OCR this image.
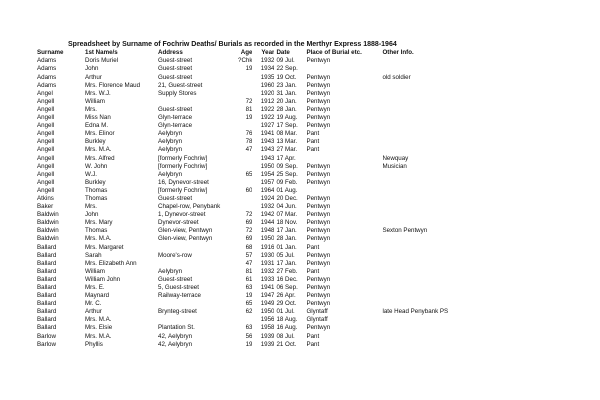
Spreadsheet by Surname of Fochriw Deaths/ Burials as recorded in the Merthyr Express 1888-1964
Surname	1st Name/s	Address	Age	Year	Date	Place of Burial etc.	Other Info.
Adams	Doris Muriel	Guest-street	?Chk	1932	09 Jul.	Pentwyn	
Adams	John	Guest-street	19	1934	22 Sep.		
Adams	Arthur	Guest-street		1935	19 Oct.	Pentwyn	old soldier
Adams	Mrs. Florence Maud	21, Guest-street		1960	23 Jan.	Pentwyn	
Angel	Mrs. W.J.	Supply Stores		1920	31 Jan.	Pentwyn	
Angell	William		72	1912	20 Jan.	Pentwyn	
Angell	Mrs.	Guest-street	81	1922	28 Jan.	Pentwyn	
Angell	Miss Nan	Glyn-terrace	19	1922	19 Aug.	Pentwyn	
Angell	Edna M.	Glyn-terrace		1927	17 Sep.	Pentwyn	
Angell	Mrs. Elinor	Aelybryn	76	1941	08 Mar.	Pant	
Angell	Burkley	Aelybryn	78	1943	13 Mar.	Pant	
Angell	Mrs. M.A.	Aelybryn	47	1943	27 Mar.	Pant	
Angell	Mrs. Alfred	[formerly Fochriw]		1943	17 Apr.		Newquay
Angell	W. John	[formerly Fochriw]		1950	09 Sep.	Pentwyn	Musician
Angell	W.J.	Aelybryn	65	1954	25 Sep.	Pentwyn	
Angell	Burkley	16, Dynevor-street		1957	09 Feb.	Pentwyn	
Angell	Thomas	[formerly Fochriw]	60	1964	01 Aug.		
Atkins	Thomas	Guest-street		1924	20 Dec.	Pentwyn	
Baker	Mrs.	Chapel-row, Penybank		1932	04 Jun.	Pentwyn	
Baldwin	John	1, Dynevor-street	72	1942	07 Mar.	Pentwyn	
Baldwin	Mrs. Mary	Dynevor-street	69	1944	18 Nov.	Pentwyn	
Baldwin	Thomas	Glen-view, Pentwyn	72	1948	17 Jan.	Pentwyn	Sexton Pentwyn
Baldwin	Mrs. M.A.	Glen-view, Pentwyn	69	1950	28 Jan.	Pentwyn	
Ballard	Mrs. Margaret		68	1916	01 Jan.	Pant	
Ballard	Sarah	Moore's-row	57	1930	05 Jul.	Pentwyn	
Ballard	Mrs. Elizabeth Ann		47	1931	17 Jan.	Pentwyn	
Ballard	William	Aelybryn	81	1932	27 Feb.	Pant	
Ballard	William John	Guest-street	61	1933	16 Dec.	Pentwyn	
Ballard	Mrs. E.	5, Guest-street	63	1941	06 Sep.	Pentwyn	
Ballard	Maynard	Railway-terrace	19	1947	26 Apr.	Pentwyn	
Ballard	Mr. C.		65	1949	29 Oct.	Pentwyn	
Ballard	Arthur	Brynteg-street	62	1950	01 Jul.	Glyntaff	late Head Penybank PS
Ballard	Mrs. M.A.			1956	18 Aug.	Glyntaff	
Ballard	Mrs. Elsie	Plantation St.	63	1958	16 Aug.	Pentwyn	
Barlow	Mrs. M.A.	42, Aelybryn	56	1939	08 Jul.	Pant	
Barlow	Phyllis	42, Aelybryn	19	1939	21 Oct.	Pant	
